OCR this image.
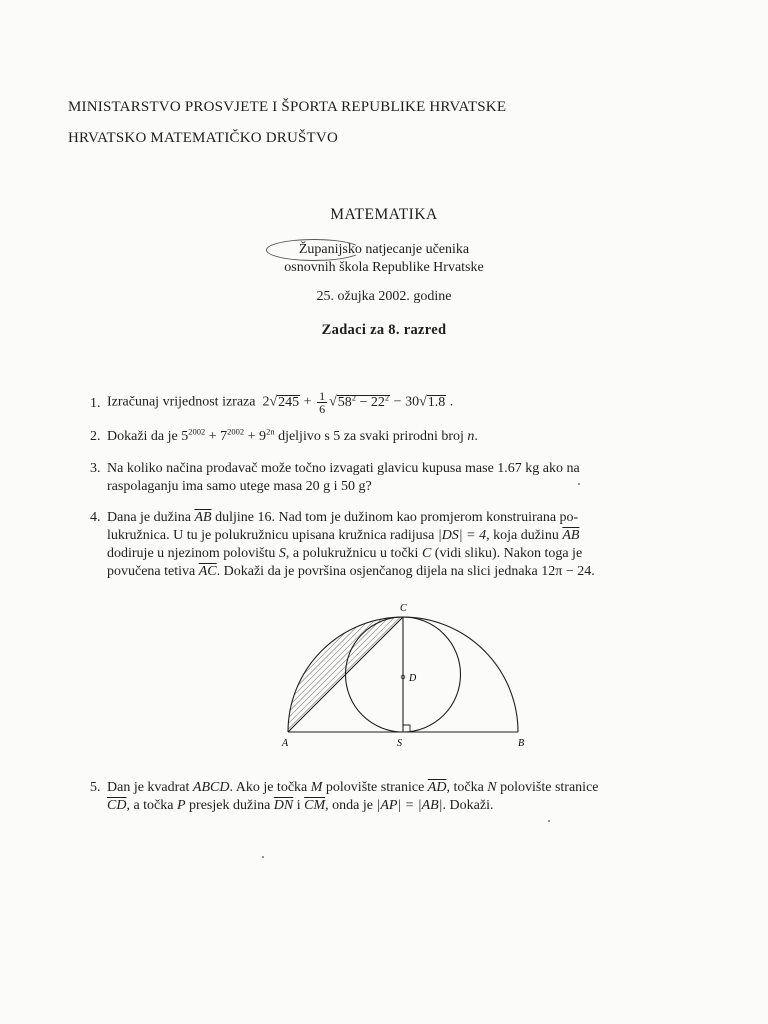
MINISTARSTVO PROSVJETE I ŠPORTA REPUBLIKE HRVATSKE
HRVATSKO MATEMATIČKO DRUŠTVO
MATEMATIKA
Županijsko natjecanje učenika
osnovnih škola Republike Hrvatske
25. ožujka 2002. godine
Zadaci za 8. razred
1. Izračunaj vrijednost izraza $2√245 + \frac{1}{6} √58^2 - 22^2 - 30√1.8$ .
2. Dokaži da je $5^{2002} + 7^{2002} + 9^{2n}$ djeljivo s 5 za svaki prirodni broj n.
3. Na koliko načina prodavač može točno izvagati glavicu kupusa mase 1.67 kg ako na
raspolaganju ima samo utege masa 20 g i 50 g?
4. Dana je dužina $\overline{AB}$ duljine 16. Nad tom je dužinom kao promjerom konstruirana po-
lukružnica. U tu je polukružnicu upisana kružnica radijusa |DS| = 4, koja dužinu $\overline{AB}$
dodiruje u njezinom polovištu S, a polukružnicu u točki C (vidi sliku). Nakon toga je
povučena tetiva $\overline{AC}$. Dokaži da je površina osjenčanog dijela na slici jednaka 12π − 24.
C
D
A	S	B
5. Dan je kvadrat ABCD. Ako je točka M polovište stranice $\overline{AD}$, točka N polovište stranice
$\overline{CD}$, a točka P presjek dužina $\overline{DN}$ i $\overline{CM}$, onda je |AP| = |AB|. Dokaži.
